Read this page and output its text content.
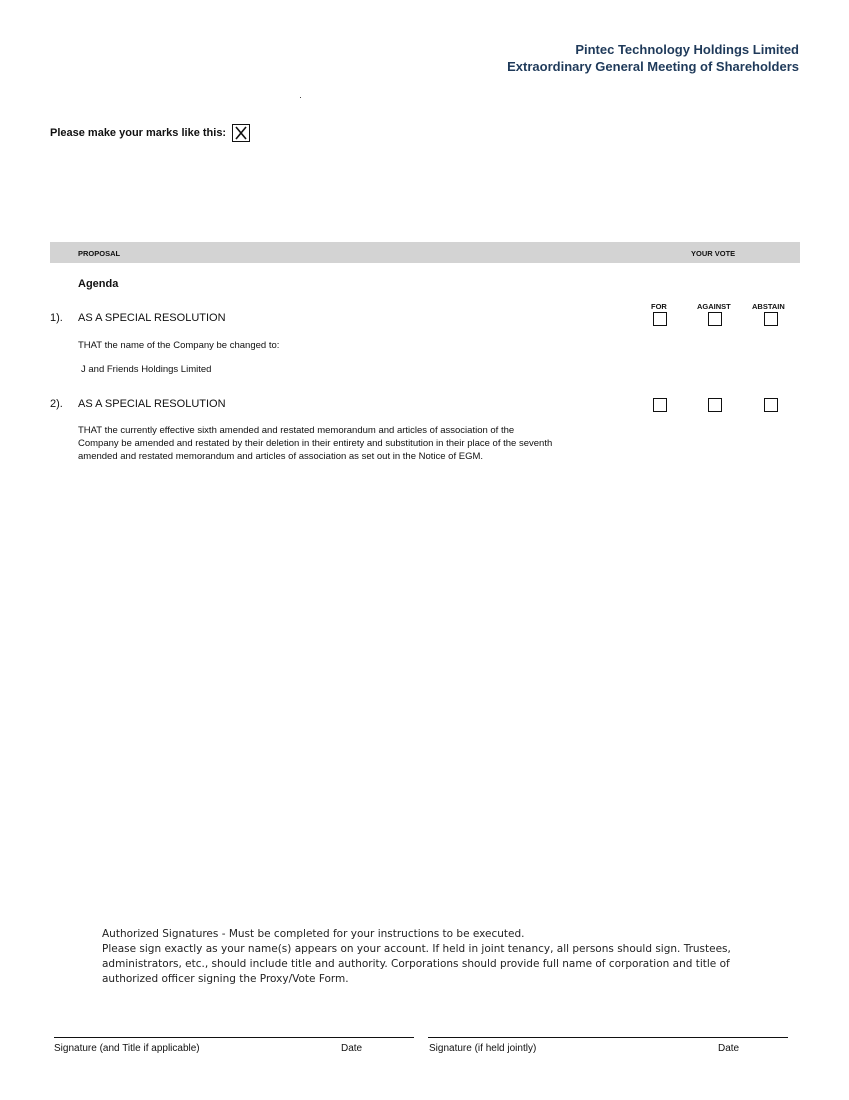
Pintec Technology Holdings Limited
Extraordinary General Meeting of Shareholders
Please make your marks like this:
PROPOSAL	YOUR VOTE
Agenda
FOR	AGAINST	ABSTAIN
1). AS A SPECIAL RESOLUTION
THAT the name of the Company be changed to:
J and Friends Holdings Limited
2). AS A SPECIAL RESOLUTION
THAT the currently effective sixth amended and restated memorandum and articles of association of the
Company be amended and restated by their deletion in their entirety and substitution in their place of the seventh
amended and restated memorandum and articles of association as set out in the Notice of EGM.

Authorized Signatures - Must be completed for your instructions to be executed.

Please sign exactly as your name(s) appears on your account. If held in joint tenancy, all persons should sign. Trustees,

administrators, etc., should include title and authority. Corporations should provide full name of corporation and title of

authorized officer signing the Proxy/Vote Form.

Signature (and Title if applicable)	Date	Signature (if held jointly)	Date
